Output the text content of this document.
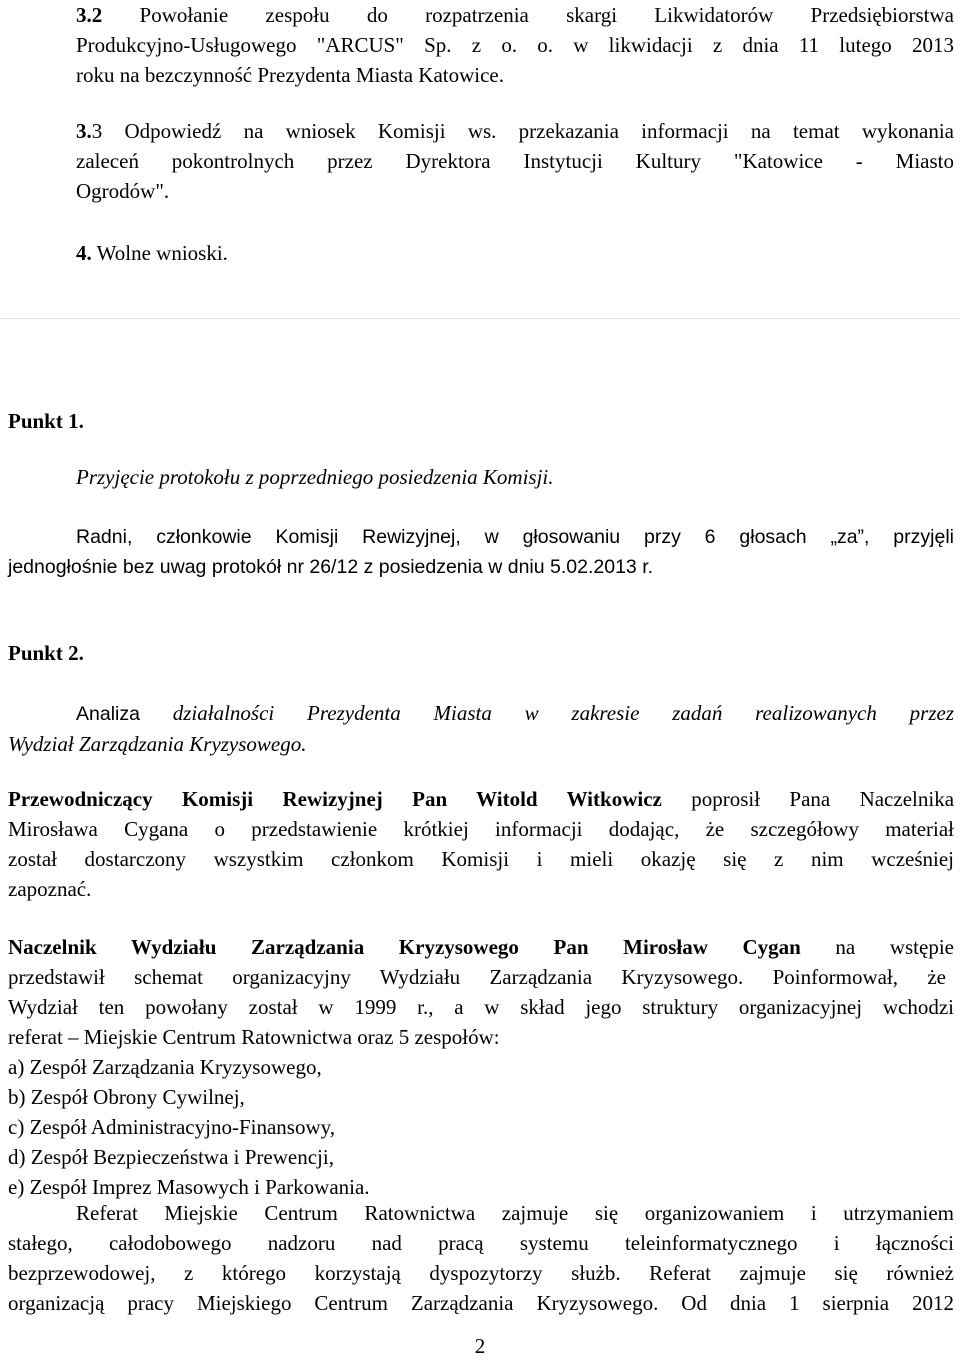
3.2 Powołanie zespołu do rozpatrzenia skargi Likwidatorów Przedsiębiorstwa
Produkcyjno-Usługowego "ARCUS" Sp. z o. o. w likwidacji z dnia 11 lutego 2013
roku na bezczynność Prezydenta Miasta Katowice.
3.3 Odpowiedź na wniosek Komisji ws. przekazania informacji na temat wykonania
zaleceń pokontrolnych przez Dyrektora Instytucji Kultury "Katowice - Miasto
Ogrodów".
4. Wolne wnioski.
Punkt 1.
Przyjęcie protokołu z poprzedniego posiedzenia Komisji.
Radni, członkowie Komisji Rewizyjnej, w głosowaniu przy 6 głosach „za”, przyjęli
jednogłośnie bez uwag protokół nr 26/12 z posiedzenia w dniu 5.02.2013 r.
Punkt 2.
Analiza działalności Prezydenta Miasta w zakresie zadań realizowanych przez
Wydział Zarządzania Kryzysowego.
Przewodniczący Komisji Rewizyjnej Pan Witold Witkowicz poprosił Pana Naczelnika
Mirosława Cygana o przedstawienie krótkiej informacji dodając, że szczegółowy materiał
został dostarczony wszystkim członkom Komisji i mieli okazję się z nim wcześniej
zapoznać.
Naczelnik Wydziału Zarządzania Kryzysowego Pan Mirosław Cygan na wstępie
przedstawił schemat organizacyjny Wydziału Zarządzania Kryzysowego. Poinformował, że
Wydział ten powołany został w 1999 r., a w skład jego struktury organizacyjnej wchodzi
referat – Miejskie Centrum Ratownictwa oraz 5 zespołów:
a) Zespół Zarządzania Kryzysowego,
b) Zespół Obrony Cywilnej,
c) Zespół Administracyjno-Finansowy,
d) Zespół Bezpieczeństwa i Prewencji,
e) Zespół Imprez Masowych i Parkowania.
Referat Miejskie Centrum Ratownictwa zajmuje się organizowaniem i utrzymaniem
stałego, całodobowego nadzoru nad pracą systemu teleinformatycznego i łączności
bezprzewodowej, z którego korzystają dyspozytorzy służb. Referat zajmuje się również
organizacją pracy Miejskiego Centrum Zarządzania Kryzysowego. Od dnia 1 sierpnia 2012
2
